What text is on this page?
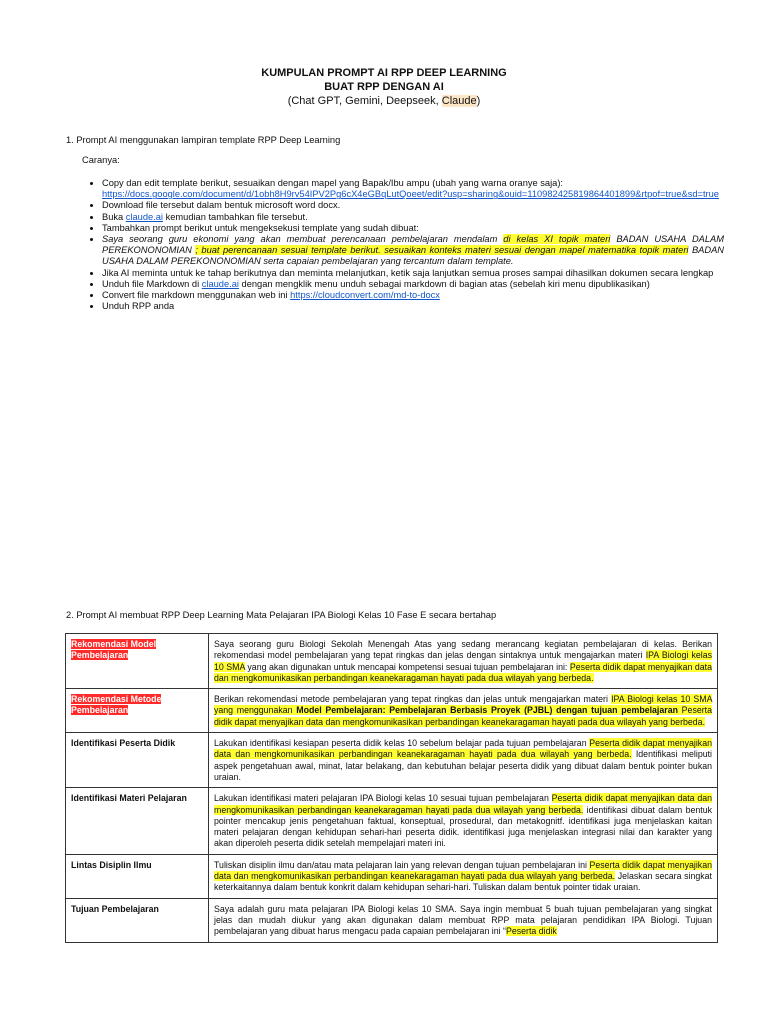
KUMPULAN PROMPT AI RPP DEEP LEARNING
BUAT RPP DENGAN AI
(Chat GPT, Gemini, Deepseek, Claude)
1. Prompt AI menggunakan lampiran template RPP Deep Learning
Caranya:
• Copy dan edit template berikut, sesuaikan dengan mapel yang Bapak/Ibu ampu (ubah yang warna oranye saja):
https://docs.google.com/document/d/1obh8H9rv54IPV2Pg6cX4eGBqLutQoeet/edit?usp=sharing&ouid=110982425819864401899&rtpof=true&sd=true
• Download file tersebut dalam bentuk microsoft word docx.
• Buka claude.ai kemudian tambahkan file tersebut.
• Tambahkan prompt berikut untuk mengeksekusi template yang sudah dibuat:
• Saya seorang guru ekonomi yang akan membuat perencanaan pembelajaran mendalam di kelas XI topik materi BADAN USAHA DALAM PEREKONONOMIAN ; buat perencanaan sesuai template berikut. sesuaikan konteks materi sesuai dengan mapel matematika topik materi BADAN USAHA DALAM PEREKONONOMIAN serta capaian pembelajaran yang tercantum dalam template.
• Jika AI meminta untuk ke tahap berikutnya dan meminta melanjutkan, ketik saja lanjutkan semua proses sampai dihasilkan dokumen secara lengkap
• Unduh file Markdown di claude.ai dengan mengklik menu unduh sebagai markdown di bagian atas (sebelah kiri menu dipublikasikan)
• Convert file markdown menggunakan web ini https://cloudconvert.com/md-to-docx
• Unduh RPP anda
2. Prompt AI membuat RPP Deep Learning Mata Pelajaran IPA Biologi Kelas 10 Fase E secara bertahap
Rekomendasi Model Pembelajaran	Saya seorang guru Biologi Sekolah Menengah Atas yang sedang merancang kegiatan pembelajaran di kelas. Berikan rekomendasi model pembelajaran yang tepat ringkas dan jelas dengan sintaknya untuk mengajarkan materi IPA Biologi kelas 10 SMA yang akan digunakan untuk mencapai kompetensi sesuai tujuan pembelajaran ini: Peserta didik dapat menyajikan data dan mengkomunikasikan perbandingan keanekaragaman hayati pada dua wilayah yang berbeda.
Rekomendasi Metode Pembelajaran	Berikan rekomendasi metode pembelajaran yang tepat ringkas dan jelas untuk mengajarkan materi IPA Biologi kelas 10 SMA yang menggunakan Model Pembelajaran: Pembelajaran Berbasis Proyek (PJBL) dengan tujuan pembelajaran Peserta didik dapat menyajikan data dan mengkomunikasikan perbandingan keanekaragaman hayati pada dua wilayah yang berbeda.
Identifikasi Peserta Didik	Lakukan identifikasi kesiapan peserta didik kelas 10 sebelum belajar pada tujuan pembelajaran Peserta didik dapat menyajikan data dan mengkomunikasikan perbandingan keanekaragaman hayati pada dua wilayah yang berbeda. Identifikasi meliputi aspek pengetahuan awal, minat, latar belakang, dan kebutuhan belajar peserta didik yang dibuat dalam bentuk pointer bukan uraian.
Identifikasi Materi Pelajaran	Lakukan identifikasi materi pelajaran IPA Biologi kelas 10 sesuai tujuan pembelajaran Peserta didik dapat menyajikan data dan mengkomunikasikan perbandingan keanekaragaman hayati pada dua wilayah yang berbeda. identifikasi dibuat dalam bentuk pointer mencakup jenis pengetahuan faktual, konseptual, prosedural, dan metakognitf. identifikasi juga menjelaskan kaitan materi pelajaran dengan kehidupan sehari-hari peserta didik. identifikasi juga menjelaskan integrasi nilai dan karakter yang akan diperoleh peserta didik setelah mempelajari materi ini.
Lintas Disiplin Ilmu	Tuliskan disiplin ilmu dan/atau mata pelajaran lain yang relevan dengan tujuan pembelajaran ini Peserta didik dapat menyajikan data dan mengkomunikasikan perbandingan keanekaragaman hayati pada dua wilayah yang berbeda. Jelaskan secara singkat keterkaitannya dalam bentuk konkrit dalam kehidupan sehari-hari. Tuliskan dalam bentuk pointer tidak uraian.
Tujuan Pembelajaran	Saya adalah guru mata pelajaran IPA Biologi kelas 10 SMA. Saya ingin membuat 5 buah tujuan pembelajaran yang singkat jelas dan mudah diukur yang akan digunakan dalam membuat RPP mata pelajaran pendidikan IPA Biologi. Tujuan pembelajaran yang dibuat harus mengacu pada capaian pembelajaran ini “Peserta didik
